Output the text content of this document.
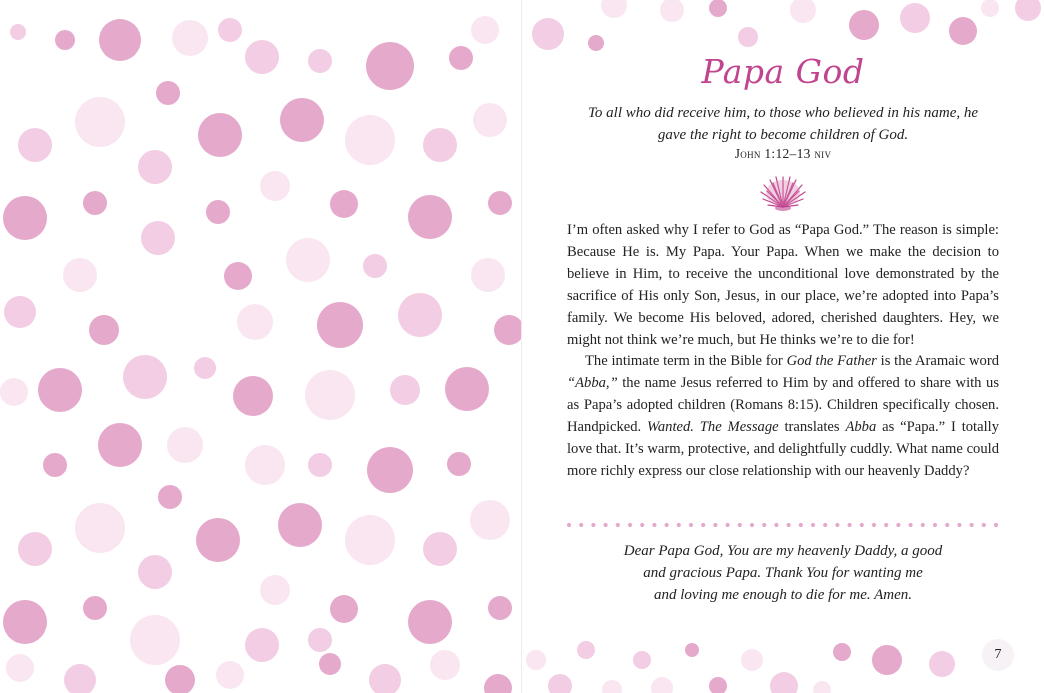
Papa God
To all who did receive him, to those who believed in his name, he gave the right to become children of God.
John 1:12–13 niv

I’m often asked why I refer to God as “Papa God.” The reason is simple: Because He is. My Papa. Your Papa. When we make the decision to believe in Him, to receive the unconditional love demonstrated by the sacrifice of His only Son, Jesus, in our place, we’re adopted into Papa’s family. We become His beloved, adored, cherished daughters. Hey, we might not think we’re much, but He thinks we’re to die for!

The intimate term in the Bible for God the Father is the Aramaic word “Abba,” the name Jesus referred to Him by and offered to share with us as Papa’s adopted children (Romans 8:15). Children specifically chosen. Handpicked. Wanted. The Message translates Abba as “Papa.” I totally love that. It’s warm, protective, and delightfully cuddly. What name could more richly express our close relationship with our heavenly Daddy?

Dear Papa God, You are my heavenly Daddy, a good
and gracious Papa. Thank You for wanting me
and loving me enough to die for me. Amen.
7
